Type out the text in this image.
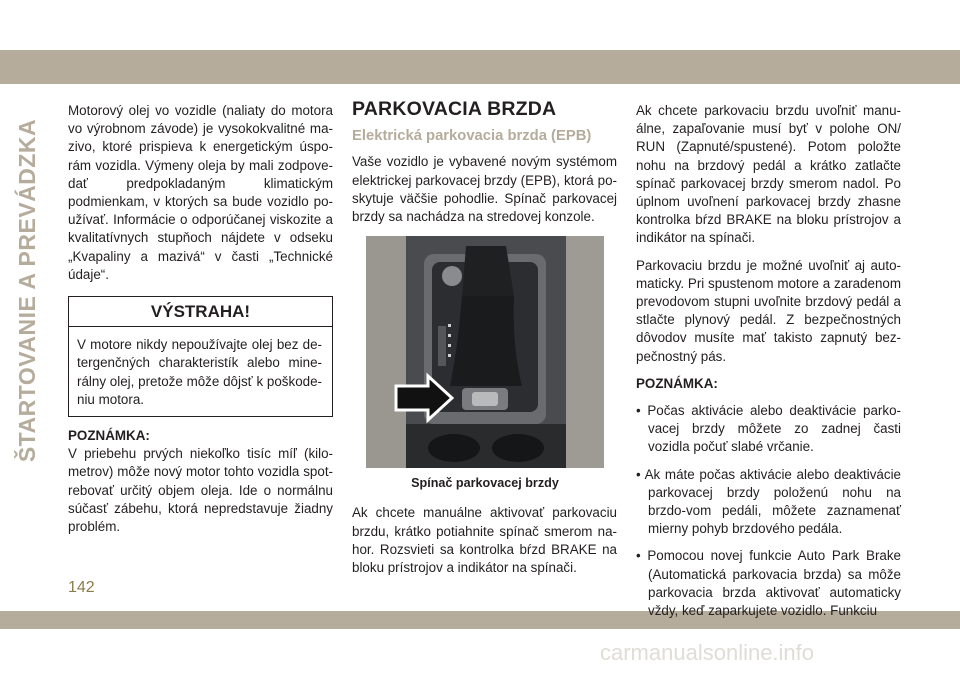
ŠTARTOVANIE A PREVÁDZKA

Motorový olej vo vozidle (naliaty do motora vo výrobnom závode) je vysokokvalitné ma-zivo, ktoré prispieva k energetickým úspo-rám vozidla. Výmeny oleja by mali zodpove-dať predpokladaným klimatickým podmienkam, v ktorých sa bude vozidlo po-užívať. Informácie o odporúčanej viskozite a kvalitatívnych stupňoch nájdete v odseku „Kvapaliny a mazivá“ v časti „Technické údaje“.

VÝSTRAHA!
V motore nikdy nepoužívajte olej bez de-tergenčných charakteristík alebo mine-rálny olej, pretože môže dôjsť k poškode-niu motora.

POZNÁMKA:

V priebehu prvých niekoľko tisíc míľ (kilo-metrov) môže nový motor tohto vozidla spot-rebovať určitý objem oleja. Ide o normálnu súčasť zábehu, ktorá nepredstavuje žiadny problém.

PARKOVACIA BRZDA
Elektrická parkovacia brzda (EPB)

Vaše vozidlo je vybavené novým systémom elektrickej parkovacej brzdy (EPB), ktorá po-skytuje väčšie pohodlie. Spínač parkovacej brzdy sa nachádza na stredovej konzole.

Spínač parkovacej brzdy

Ak chcete manuálne aktivovať parkovaciu brzdu, krátko potiahnite spínač smerom na-hor. Rozsvieti sa kontrolka bŕzd BRAKE na bloku prístrojov a indikátor na spínači.

Ak chcete parkovaciu brzdu uvoľniť manu-álne, zapaľovanie musí byť v polohe ON/ RUN (Zapnuté/spustené). Potom položte nohu na brzdový pedál a krátko zatlačte spínač parkovacej brzdy smerom nadol. Po úplnom uvoľnení parkovacej brzdy zhasne kontrolka bŕzd BRAKE na bloku prístrojov a indikátor na spínači.

Parkovaciu brzdu je možné uvoľniť aj auto-maticky. Pri spustenom motore a zaradenom prevodovom stupni uvoľnite brzdový pedál a stlačte plynový pedál. Z bezpečnostných dôvodov musíte mať takisto zapnutý bez-pečnostný pás.

POZNÁMKA:

• Počas aktivácie alebo deaktivácie parko-vacej brzdy môžete zo zadnej časti vozidla počuť slabé vrčanie.

• Ak máte počas aktivácie alebo deaktivácie parkovacej brzdy položenú nohu na brzdo-vom pedáli, môžete zaznamenať mierny pohyb brzdového pedála.

• Pomocou novej funkcie Auto Park Brake (Automatická parkovacia brzda) sa môže parkovacia brzda aktivovať automaticky vždy, keď zaparkujete vozidlo. Funkciu

142
carmanualsonline.info
